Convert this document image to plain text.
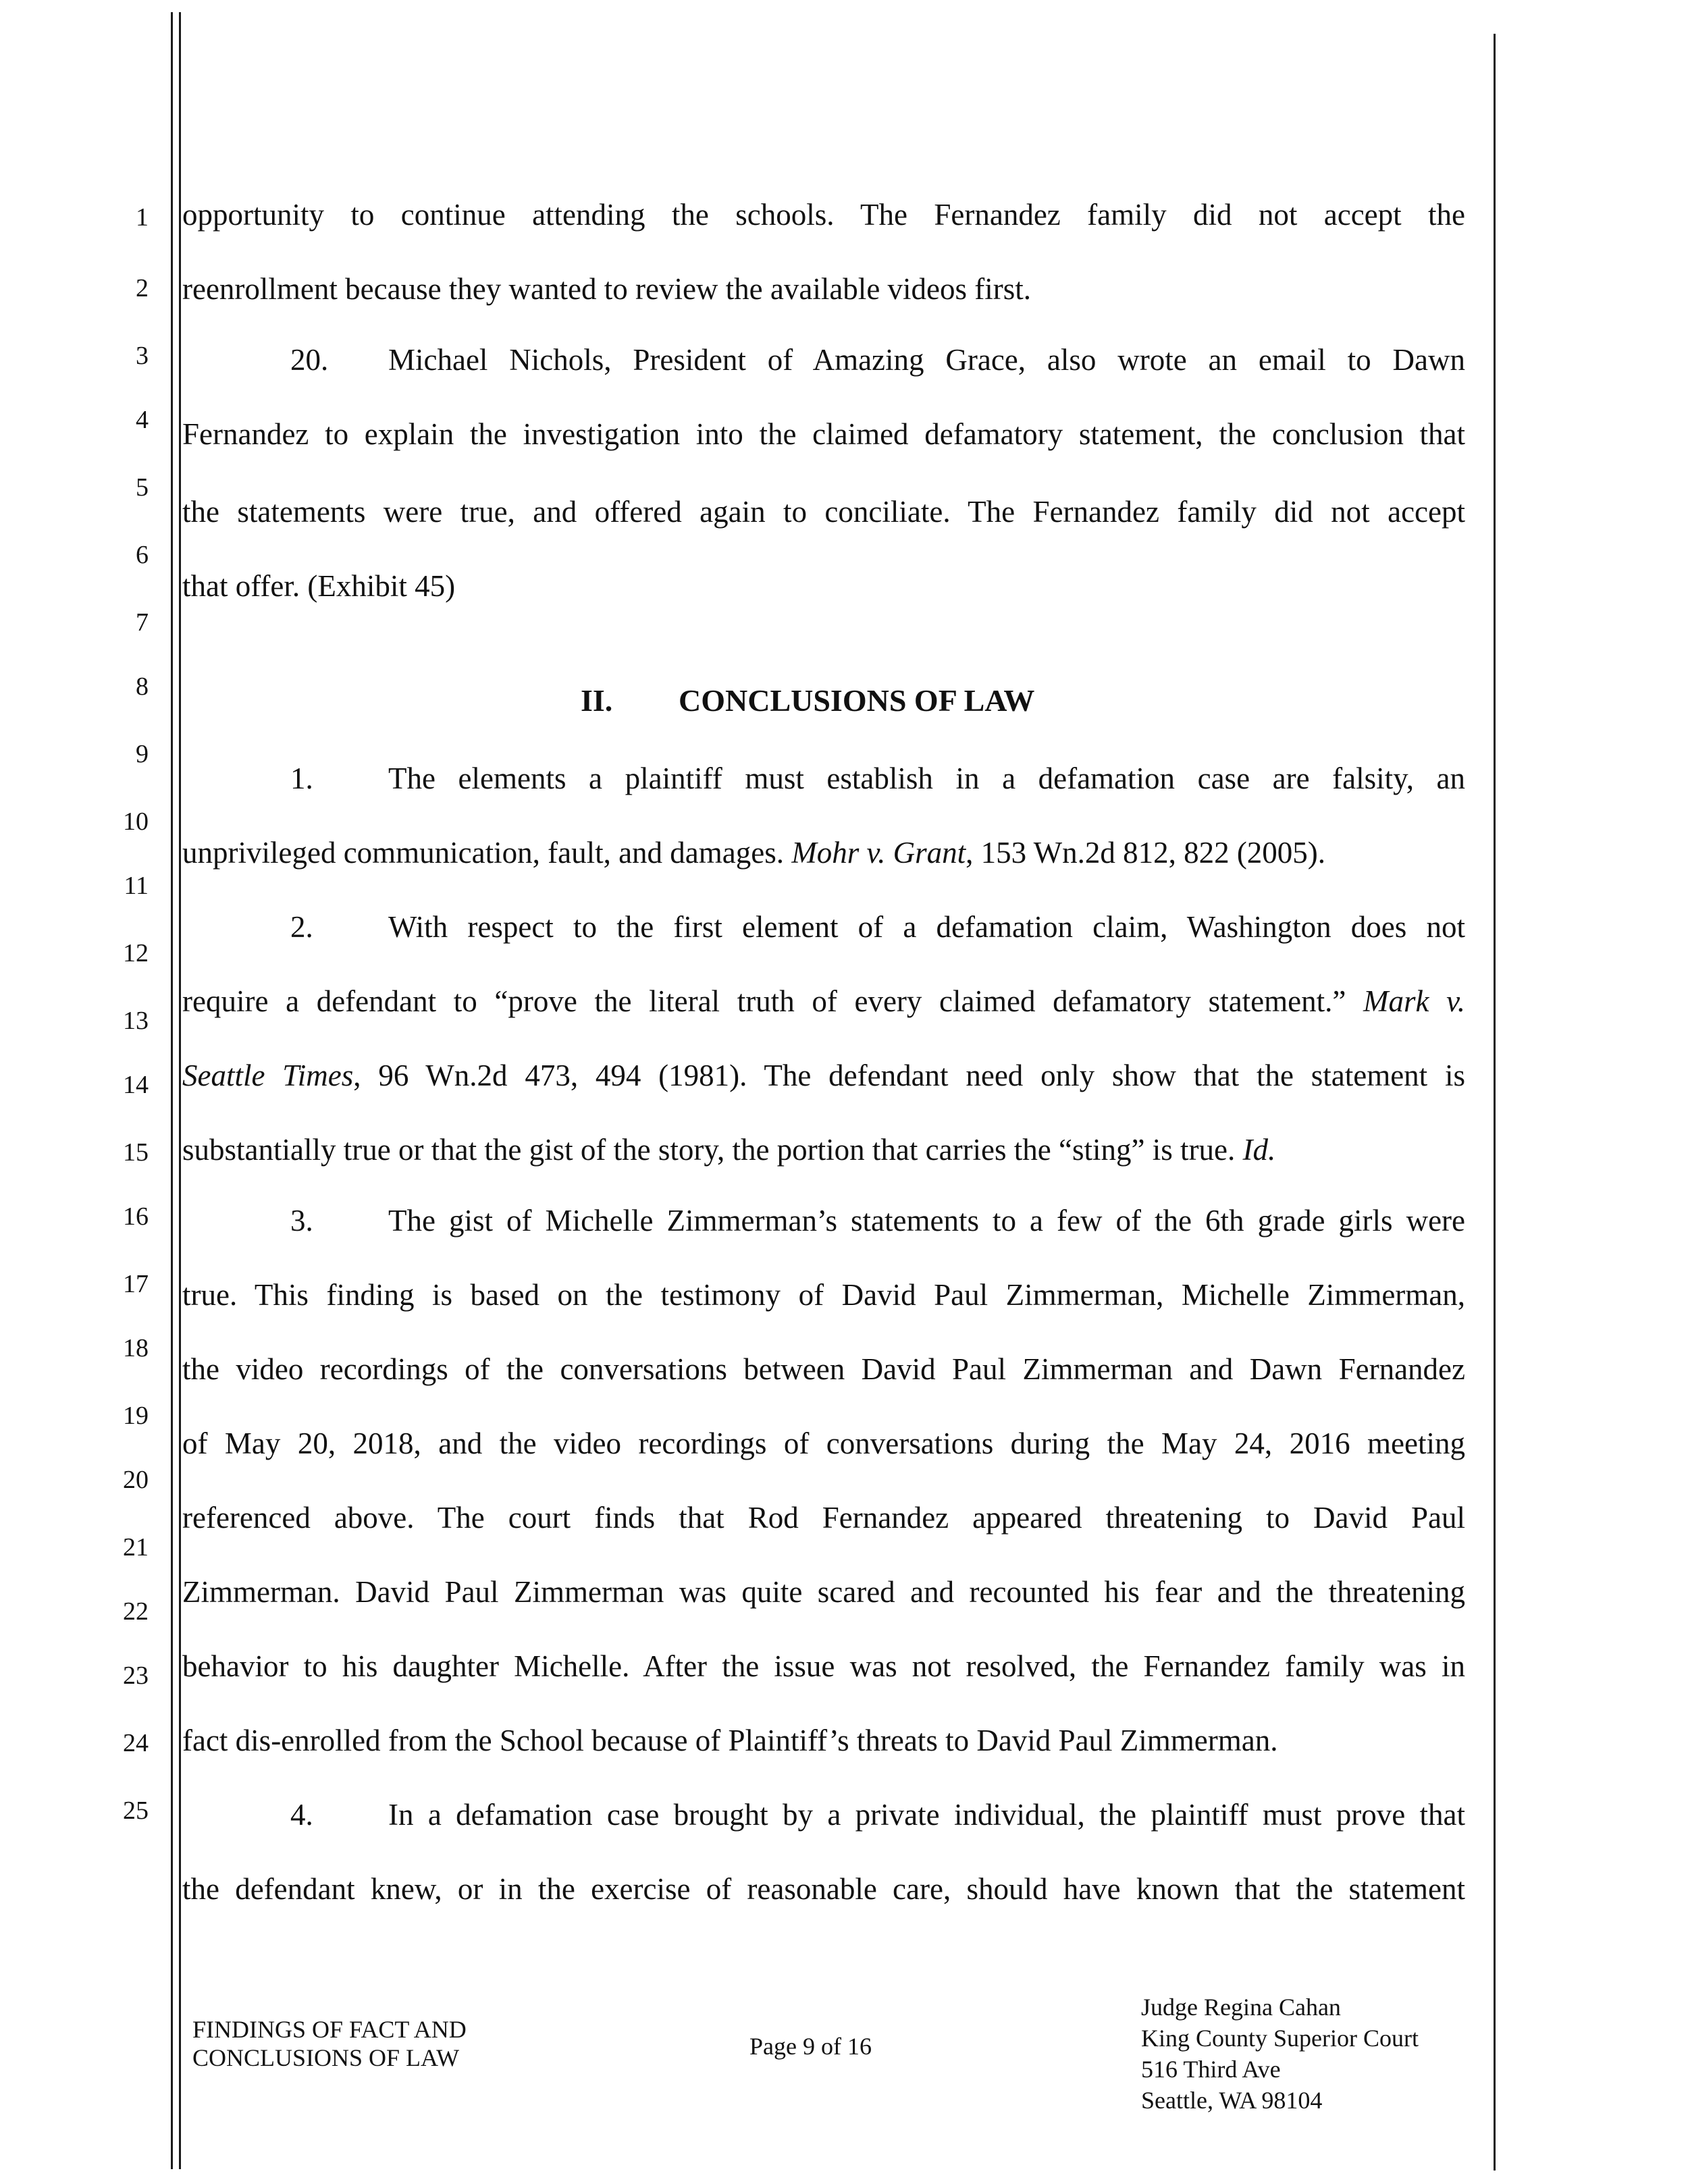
1
2
3
4
5
6
7
8
9
10
11
12
13
14
15
16
17
18
19
20
21
22
23
24
25
opportunity to continue attending the schools. The Fernandez family did not accept the
reenrollment because they wanted to review the available videos first.
20. Michael Nichols, President of Amazing Grace, also wrote an email to Dawn
Fernandez to explain the investigation into the claimed defamatory statement, the conclusion that
the statements were true, and offered again to conciliate. The Fernandez family did not accept
that offer. (Exhibit 45)
II. CONCLUSIONS OF LAW
1. The elements a plaintiff must establish in a defamation case are falsity, an
unprivileged communication, fault, and damages. Mohr v. Grant, 153 Wn.2d 812, 822 (2005).
2. With respect to the first element of a defamation claim, Washington does not
require a defendant to “prove the literal truth of every claimed defamatory statement.” Mark v.
Seattle Times, 96 Wn.2d 473, 494 (1981). The defendant need only show that the statement is
substantially true or that the gist of the story, the portion that carries the “sting” is true. Id.
3. The gist of Michelle Zimmerman’s statements to a few of the 6th grade girls were
true. This finding is based on the testimony of David Paul Zimmerman, Michelle Zimmerman,
the video recordings of the conversations between David Paul Zimmerman and Dawn Fernandez
of May 20, 2018, and the video recordings of conversations during the May 24, 2016 meeting
referenced above. The court finds that Rod Fernandez appeared threatening to David Paul
Zimmerman. David Paul Zimmerman was quite scared and recounted his fear and the threatening
behavior to his daughter Michelle. After the issue was not resolved, the Fernandez family was in
fact dis-enrolled from the School because of Plaintiff’s threats to David Paul Zimmerman.
4. In a defamation case brought by a private individual, the plaintiff must prove that
the defendant knew, or in the exercise of reasonable care, should have known that the statement
FINDINGS OF FACT AND
CONCLUSIONS OF LAW	Page 9 of 16
Judge Regina Cahan
King County Superior Court
516 Third Ave
Seattle, WA 98104
